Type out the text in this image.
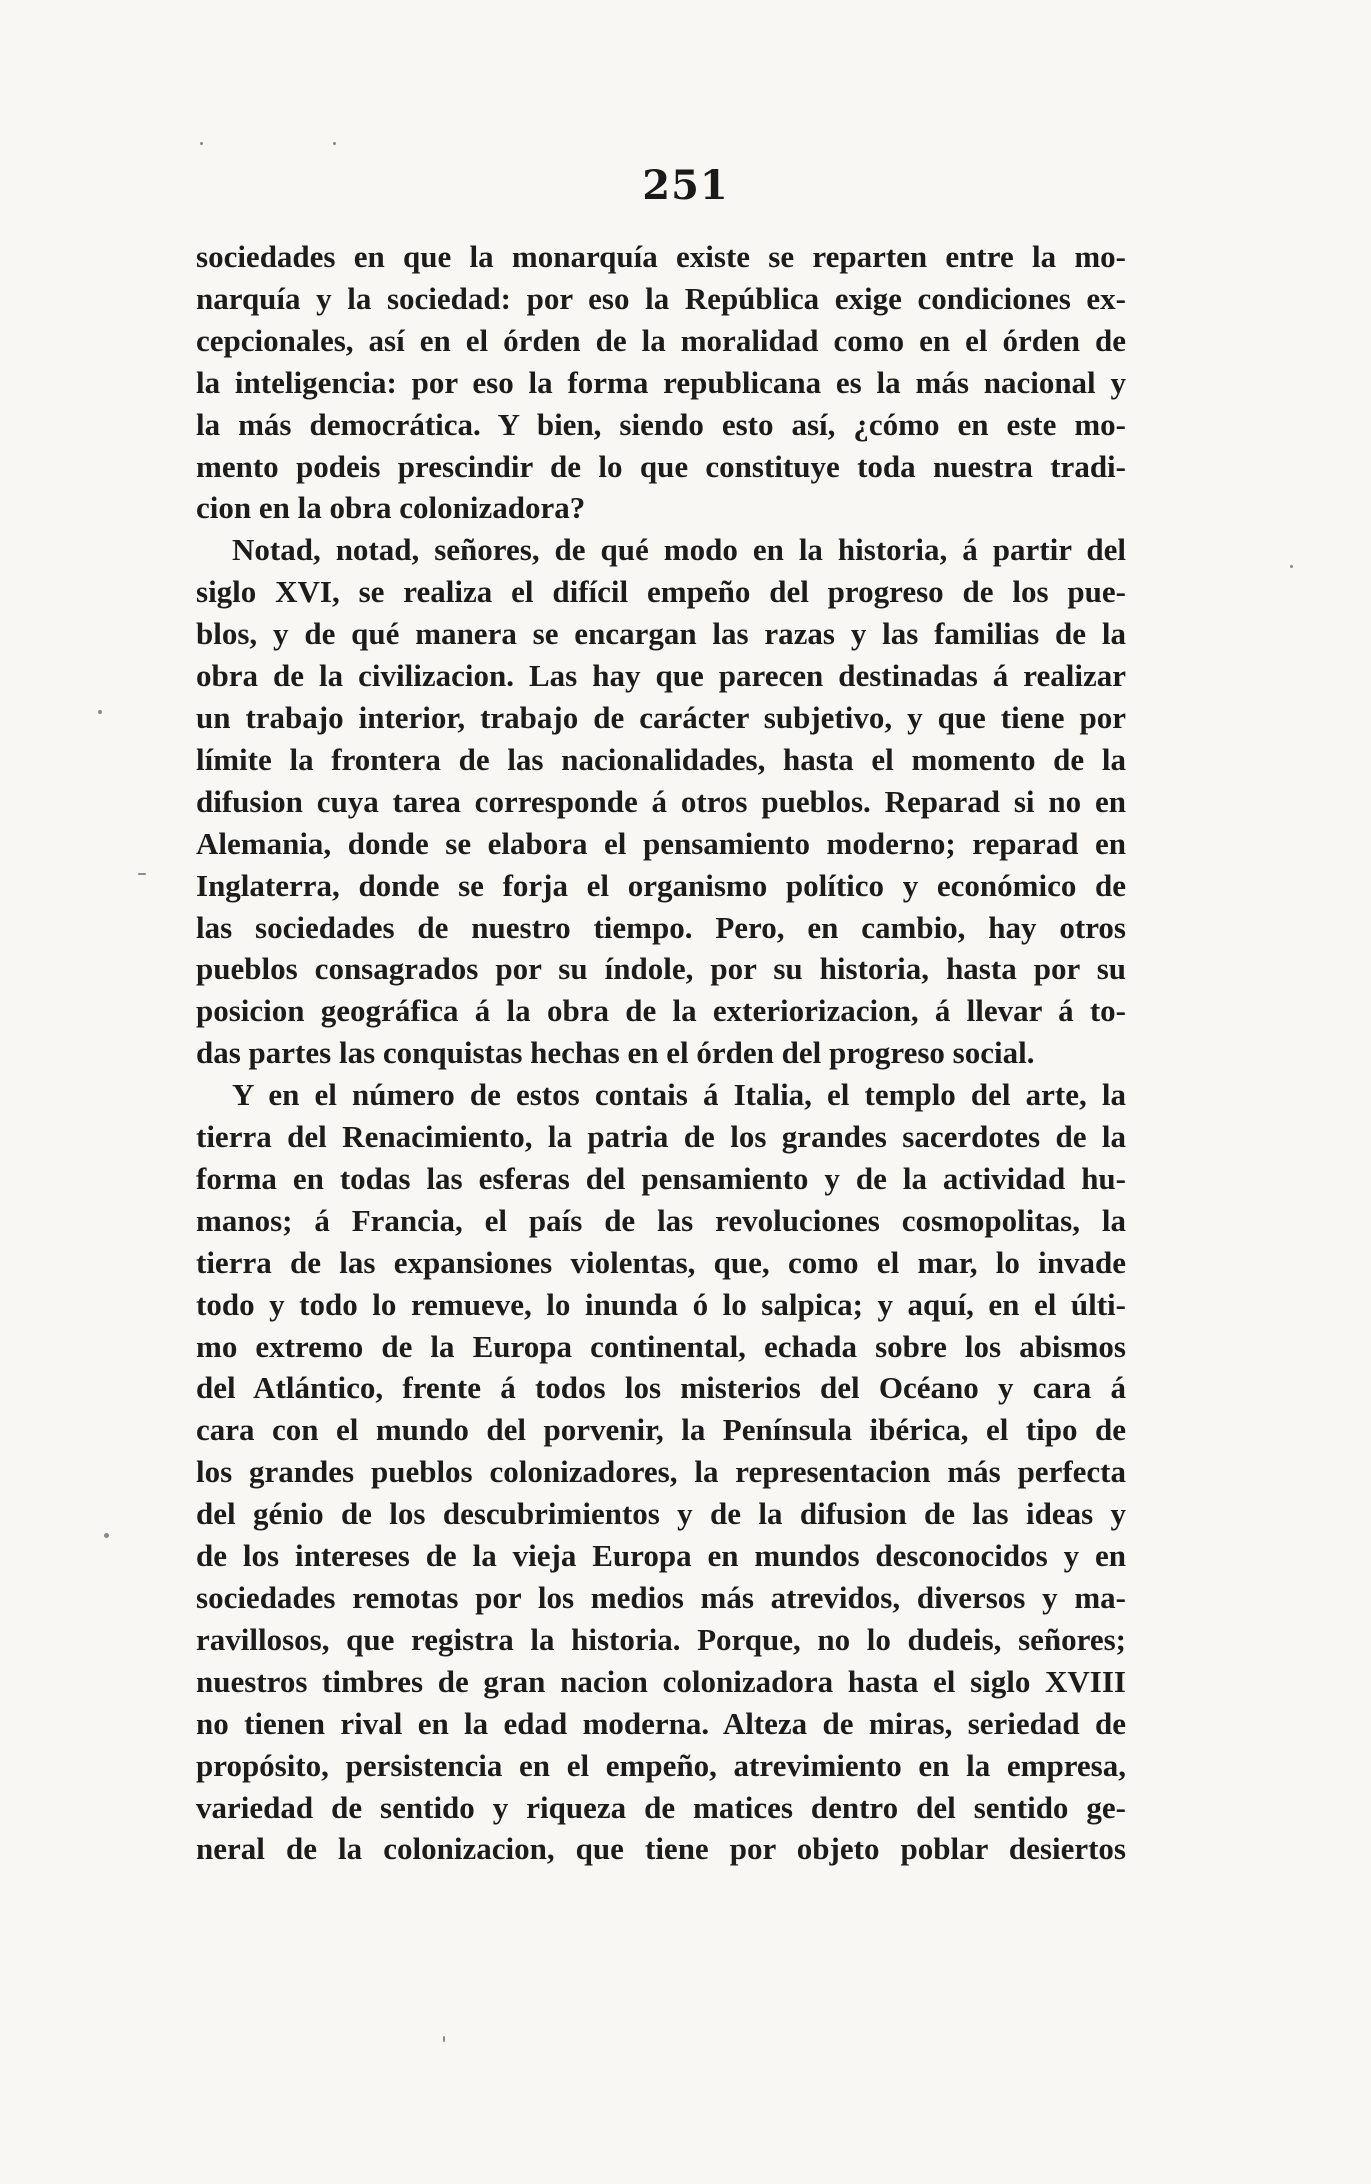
251
sociedades en que la monarquía existe se reparten entre la mo-
narquía y la sociedad: por eso la República exige condiciones ex-
cepcionales, así en el órden de la moralidad como en el órden de
la inteligencia: por eso la forma republicana es la más nacional y
la más democrática. Y bien, siendo esto así, ¿cómo en este mo-
mento podeis prescindir de lo que constituye toda nuestra tradi-
cion en la obra colonizadora?
Notad, notad, señores, de qué modo en la historia, á partir del
siglo XVI, se realiza el difícil empeño del progreso de los pue-
blos, y de qué manera se encargan las razas y las familias de la
obra de la civilizacion. Las hay que parecen destinadas á realizar
un trabajo interior, trabajo de carácter subjetivo, y que tiene por
límite la frontera de las nacionalidades, hasta el momento de la
difusion cuya tarea corresponde á otros pueblos. Reparad si no en
Alemania, donde se elabora el pensamiento moderno; reparad en
Inglaterra, donde se forja el organismo político y económico de
las sociedades de nuestro tiempo. Pero, en cambio, hay otros
pueblos consagrados por su índole, por su historia, hasta por su
posicion geográfica á la obra de la exteriorizacion, á llevar á to-
das partes las conquistas hechas en el órden del progreso social.
Y en el número de estos contais á Italia, el templo del arte, la
tierra del Renacimiento, la patria de los grandes sacerdotes de la
forma en todas las esferas del pensamiento y de la actividad hu-
manos; á Francia, el país de las revoluciones cosmopolitas, la
tierra de las expansiones violentas, que, como el mar, lo invade
todo y todo lo remueve, lo inunda ó lo salpica; y aquí, en el últi-
mo extremo de la Europa continental, echada sobre los abismos
del Atlántico, frente á todos los misterios del Océano y cara á
cara con el mundo del porvenir, la Península ibérica, el tipo de
los grandes pueblos colonizadores, la representacion más perfecta
del génio de los descubrimientos y de la difusion de las ideas y
de los intereses de la vieja Europa en mundos desconocidos y en
sociedades remotas por los medios más atrevidos, diversos y ma-
ravillosos, que registra la historia. Porque, no lo dudeis, señores;
nuestros timbres de gran nacion colonizadora hasta el siglo XVIII
no tienen rival en la edad moderna. Alteza de miras, seriedad de
propósito, persistencia en el empeño, atrevimiento en la empresa,
variedad de sentido y riqueza de matices dentro del sentido ge-
neral de la colonizacion, que tiene por objeto poblar desiertos
